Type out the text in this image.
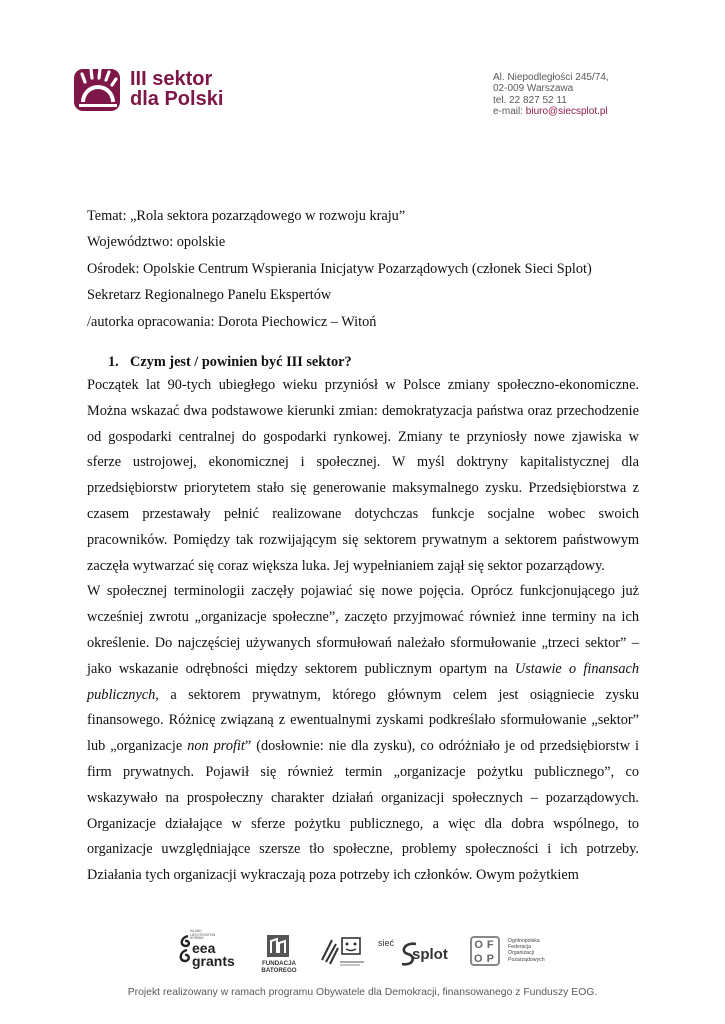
III sektor
dla Polski
Al. Niepodległości 245/74,
02-009 Warszawa
tel. 22 827 52 11
e-mail: biuro@siecsplot.pl
Temat: „Rola sektora pozarządowego w rozwoju kraju”
Województwo: opolskie
Ośrodek: Opolskie Centrum Wspierania Inicjatyw Pozarządowych (członek Sieci Splot)
Sekretarz Regionalnego Panelu Ekspertów
/autorka opracowania: Dorota Piechowicz – Witoń
1. Czym jest / powinien być III sektor?

Początek lat 90-tych ubiegłego wieku przyniósł w Polsce zmiany społeczno-ekonomiczne. Można wskazać dwa podstawowe kierunki zmian: demokratyzacja państwa oraz przechodzenie od gospodarki centralnej do gospodarki rynkowej. Zmiany te przyniosły nowe zjawiska w sferze ustrojowej, ekonomicznej i społecznej. W myśl doktryny kapitalistycznej dla przedsiębiorstw priorytetem stało się generowanie maksymalnego zysku. Przedsiębiorstwa z czasem przestawały pełnić realizowane dotychczas funkcje socjalne wobec swoich pracowników. Pomiędzy tak rozwijającym się sektorem prywatnym a sektorem państwowym zaczęła wytwarzać się coraz większa luka. Jej wypełnianiem zajął się sektor pozarządowy.

W społecznej terminologii zaczęły pojawiać się nowe pojęcia. Oprócz funkcjonującego już wcześniej zwrotu „organizacje społeczne”, zaczęto przyjmować również inne terminy na ich określenie. Do najczęściej używanych sformułowań należało sformułowanie „trzeci sektor” – jako wskazanie odrębności między sektorem publicznym opartym na Ustawie o finansach publicznych, a sektorem prywatnym, którego głównym celem jest osiągniecie zysku finansowego. Różnicę związaną z ewentualnymi zyskami podkreślało sformułowanie „sektor” lub „organizacje non profit” (dosłownie: nie dla zysku), co odróżniało je od przedsiębiorstw i firm prywatnych. Pojawił się również termin „organizacje pożytku publicznego”, co wskazywało na prospołeczny charakter działań organizacji społecznych – pozarządowych. Organizacje działające w sferze pożytku publicznego, a więc dla dobra wspólnego, to organizacje uwzględniające szersze tło społeczne, problemy społeczności i ich potrzeby. Działania tych organizacji wykraczają poza potrzeby ich członków. Owym pożytkiem

ISLAND LIECHTENSTEIN NORWAY
eea
grants	FUNDACJA
BATOREGO
sieć
splot
OFOP
Ogólnopolska Federacja Organizacji Pozarządowych
Projekt realizowany w ramach programu Obywatele dla Demokracji, finansowanego z Funduszy EOG.
